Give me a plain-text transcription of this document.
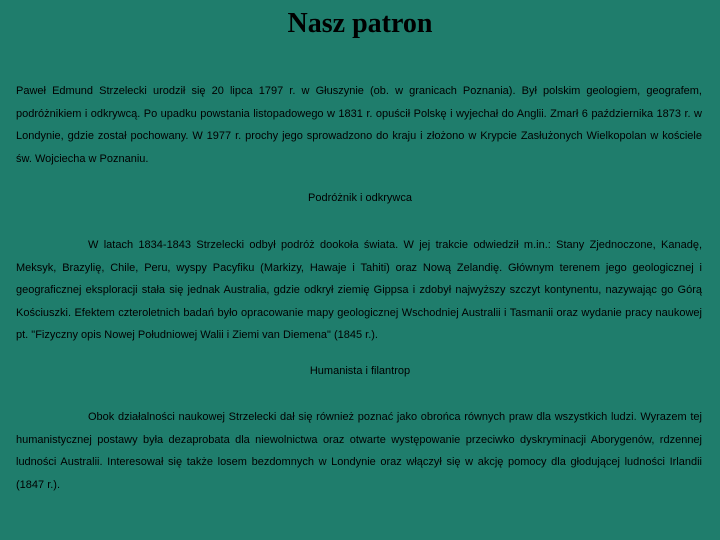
Nasz patron
Paweł Edmund Strzelecki urodził się 20 lipca 1797 r. w Głuszynie (ob. w granicach Poznania). Był polskim geologiem, geografem, podróżnikiem i odkrywcą. Po upadku powstania listopadowego w 1831 r. opuścił Polskę i wyjechał do Anglii. Zmarł 6 października 1873 r. w Londynie, gdzie został pochowany. W 1977 r. prochy jego sprowadzono do kraju i złożono w Krypcie Zasłużonych Wielkopolan w kościele św. Wojciecha w Poznaniu.
Podróżnik i odkrywca
W latach 1834-1843 Strzelecki odbył podróż dookoła świata. W jej trakcie odwiedził m.in.: Stany Zjednoczone, Kanadę, Meksyk, Brazylię, Chile, Peru, wyspy Pacyfiku (Markizy, Hawaje i Tahiti) oraz Nową Zelandię. Głównym terenem jego geologicznej i geograficznej eksploracji stała się jednak Australia, gdzie odkrył ziemię Gippsa i zdobył najwyższy szczyt kontynentu, nazywając go Górą Kościuszki. Efektem czteroletnich badań było opracowanie mapy geologicznej Wschodniej Australii i Tasmanii oraz wydanie pracy naukowej pt. "Fizyczny opis Nowej Południowej Walii i Ziemi van Diemena" (1845 r.).
Humanista i filantrop
Obok działalności naukowej Strzelecki dał się również poznać jako obrońca równych praw dla wszystkich ludzi. Wyrazem tej humanistycznej postawy była dezaprobata dla niewolnictwa oraz otwarte występowanie przeciwko dyskryminacji Aborygenów, rdzennej ludności Australii. Interesował się także losem bezdomnych w Londynie oraz włączył się w akcję pomocy dla głodującej ludności Irlandii (1847 r.).
